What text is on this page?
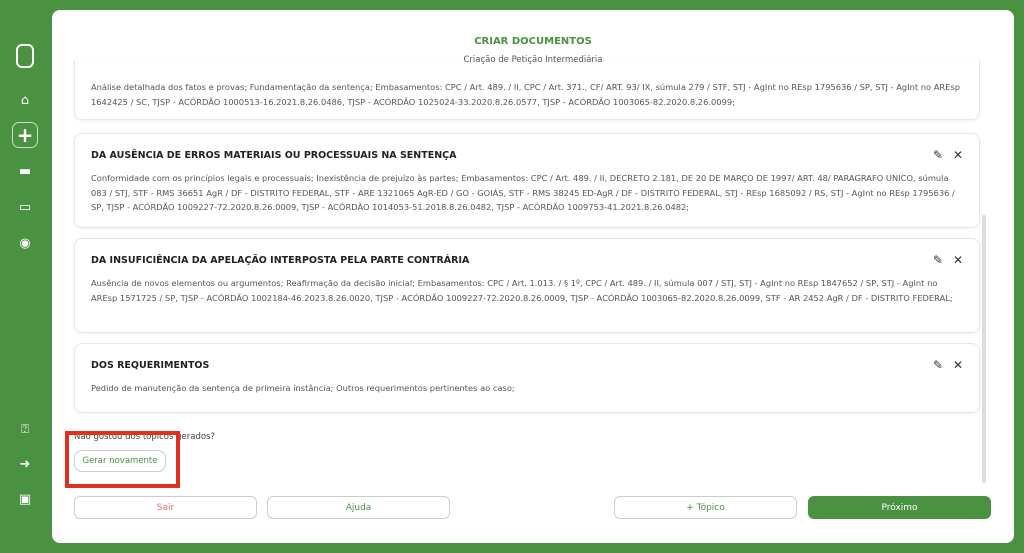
⌂
+
▬
▭
◉
⍰
➜
▣
CRIAR DOCUMENTOS
Criação de Petição Intermediária

Análise detalhada dos fatos e provas; Fundamentação da sentença; Embasamentos: CPC / Art. 489. / II, CPC / Art. 371., CF/ ART. 93/ IX, súmula 279 / STF, STJ - AgInt no REsp 1795636 / SP, STJ - AgInt no AREsp 1642425 / SC, TJSP - ACÓRDÃO 1000513-16.2021.8.26.0486, TJSP - ACÓRDÃO 1025024-33.2020.8.26.0577, TJSP - ACÓRDÃO 1003065-82.2020.8.26.0099;

DA AUSÊNCIA DE ERROS MATERIAIS OU PROCESSUAIS NA SENTENÇA	✎ ✕

Conformidade com os princípios legais e processuais; Inexistência de prejuízo às partes; Embasamentos: CPC / Art. 489. / II, DECRETO 2.181, DE 20 DE MARÇO DE 1997/ ART. 48/ PARAGRAFO UNICO, súmula 083 / STJ, STF - RMS 36651 AgR / DF - DISTRITO FEDERAL, STF - ARE 1321065 AgR-ED / GO - GOIÁS, STF - RMS 38245 ED-AgR / DF - DISTRITO FEDERAL, STJ - REsp 1685092 / RS, STJ - AgInt no REsp 1795636 / SP, TJSP - ACÓRDÃO 1009227-72.2020.8.26.0009, TJSP - ACÓRDÃO 1014053-51.2018.8.26.0482, TJSP - ACÓRDÃO 1009753-41.2021.8.26.0482;

DA INSUFICIÊNCIA DA APELAÇÃO INTERPOSTA PELA PARTE CONTRÁRIA	✎ ✕

Ausência de novos elementos ou argumentos; Reafirmação da decisão inicial; Embasamentos: CPC / Art. 1.013. / § 1º, CPC / Art. 489. / II, súmula 007 / STJ, STJ - AgInt no REsp 1847652 / SP, STJ - AgInt no AREsp 1571725 / SP, TJSP - ACÓRDÃO 1002184-46.2023.8.26.0020, TJSP - ACÓRDÃO 1009227-72.2020.8.26.0009, TJSP - ACÓRDÃO 1003065-82.2020.8.26.0099, STF - AR 2452 AgR / DF - DISTRITO FEDERAL;

DOS REQUERIMENTOS	✎ ✕

Pedido de manutenção da sentença de primeira instância; Outros requerimentos pertinentes ao caso;

Não gostou dos tópicos gerados?
Gerar novamente
Sair	Ajuda	+ Tópico	Próximo
